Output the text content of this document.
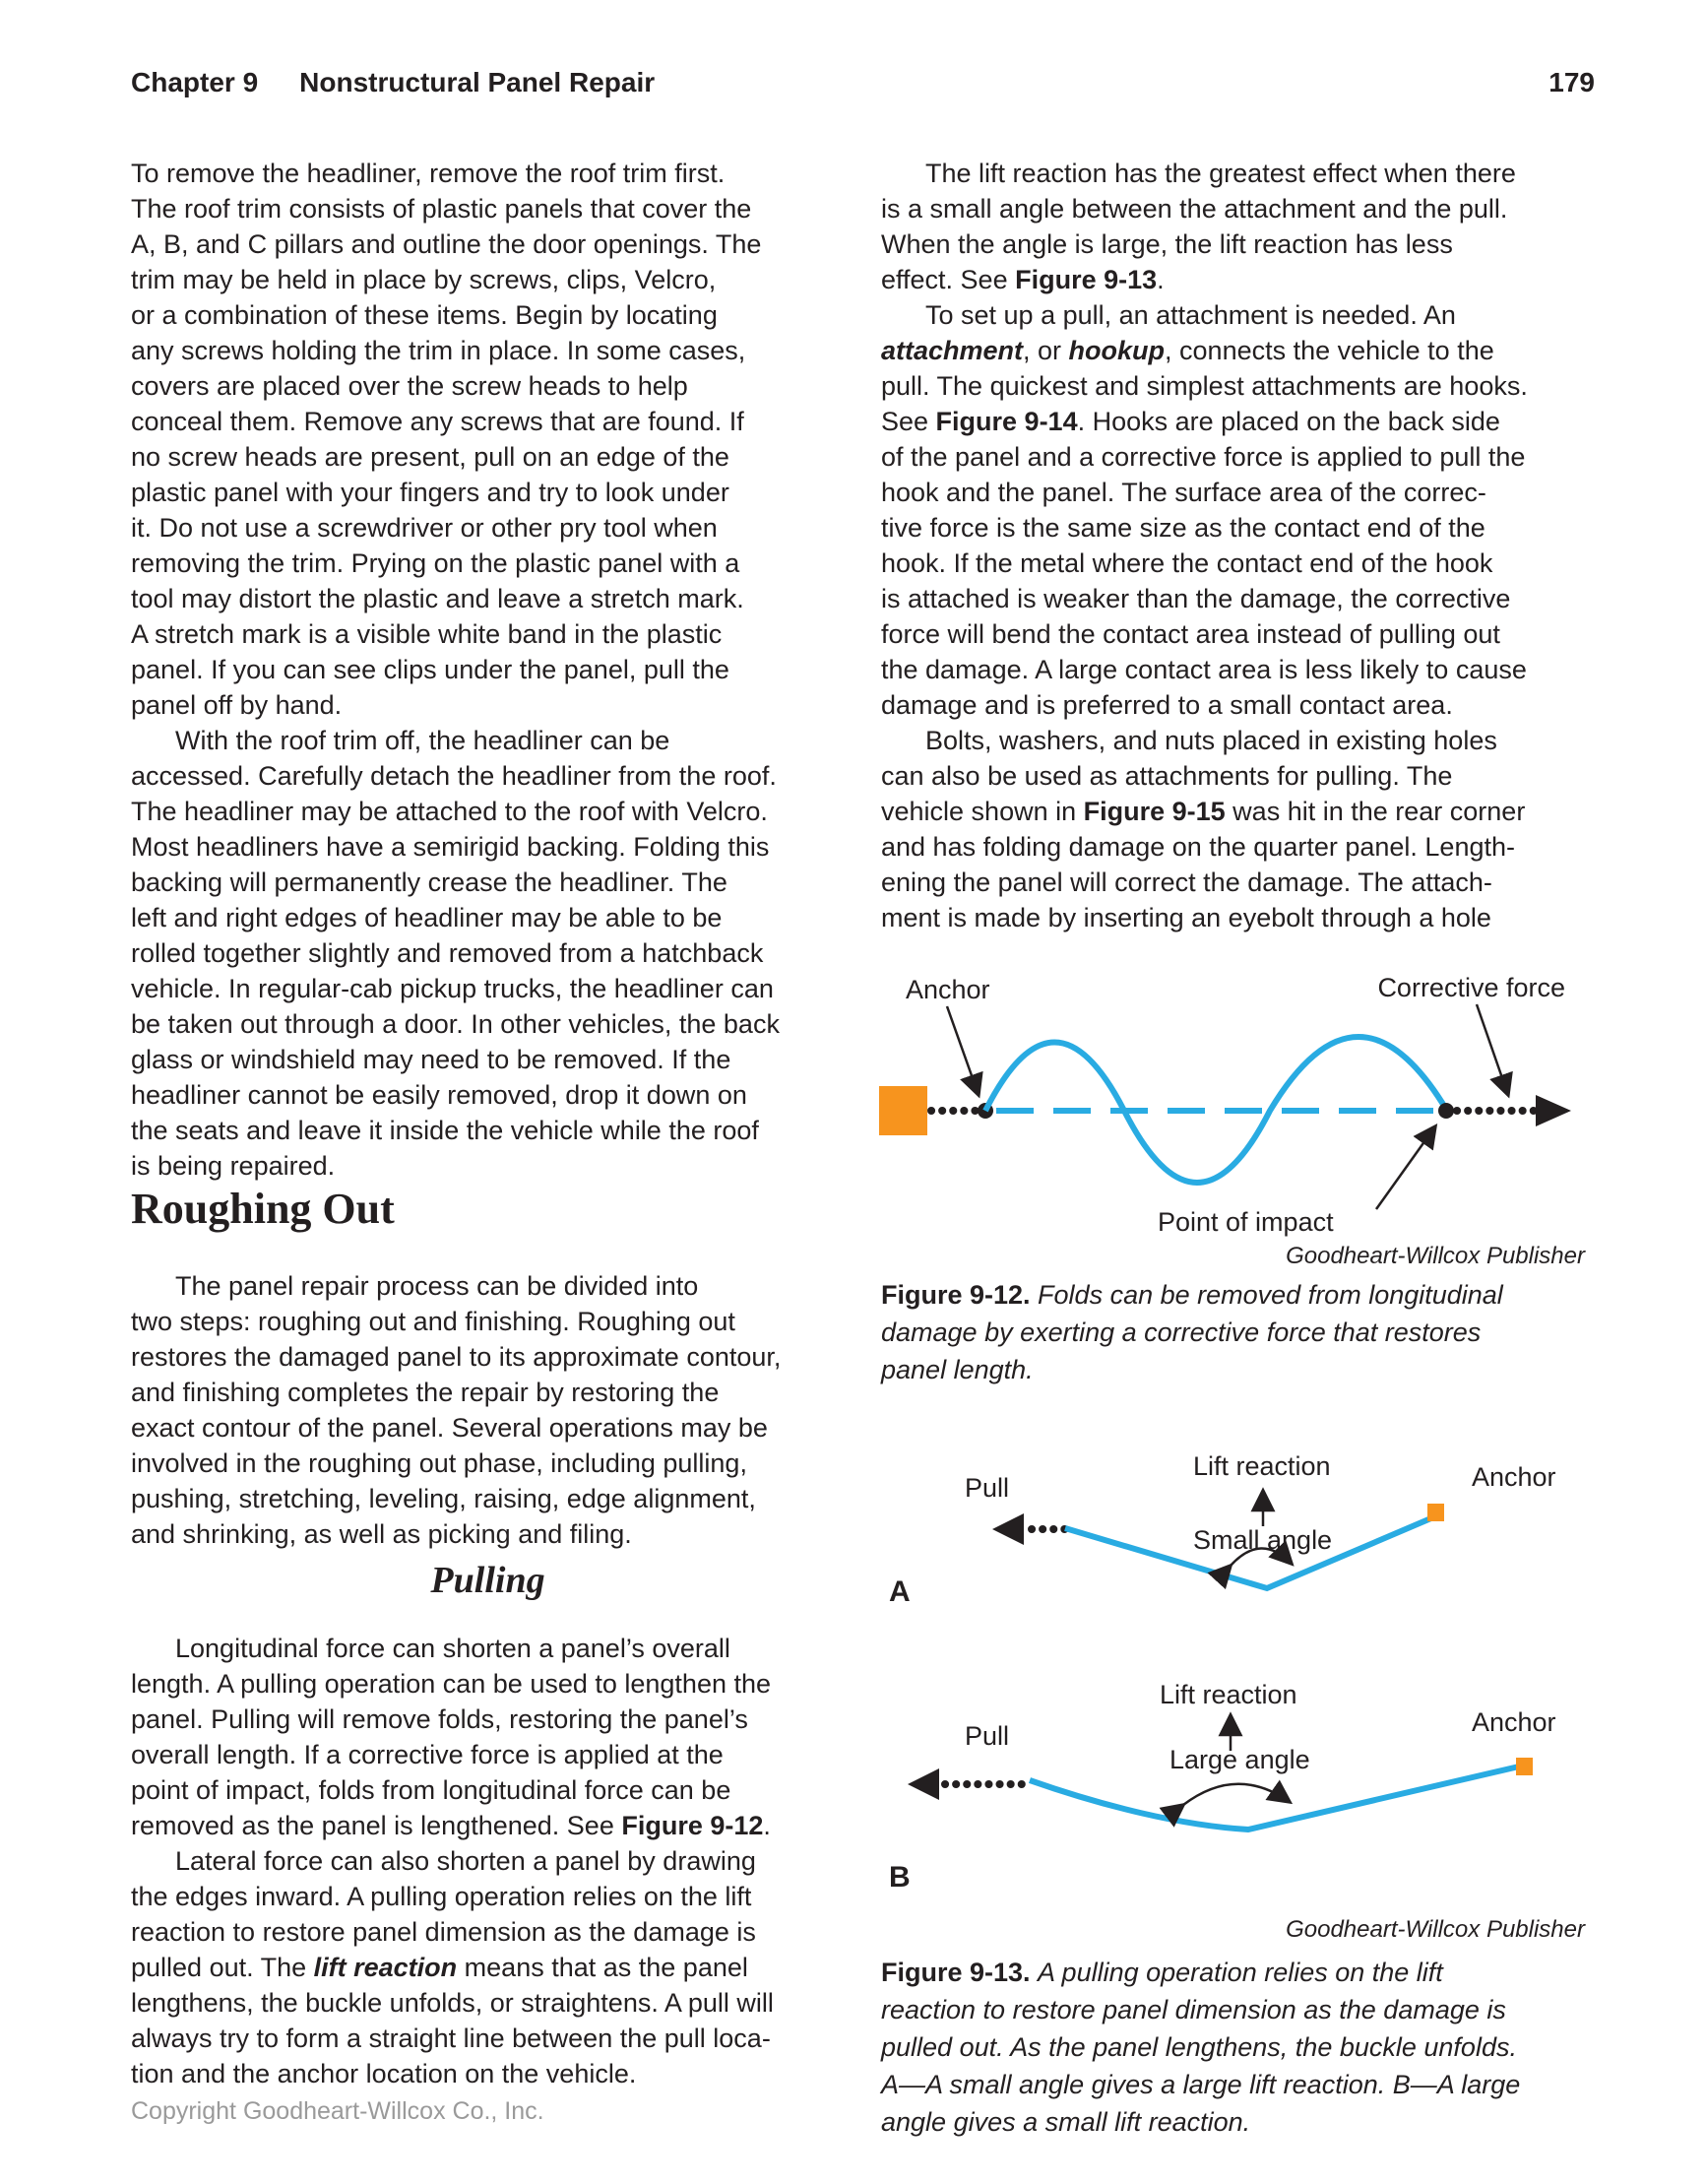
Chapter 9 Nonstructural Panel Repair	179
To remove the headliner, remove the roof trim first.
The roof trim consists of plastic panels that cover the
A, B, and C pillars and outline the door openings. The
trim may be held in place by screws, clips, Velcro,
or a combination of these items. Begin by locating
any screws holding the trim in place. In some cases,
covers are placed over the screw heads to help
conceal them. Remove any screws that are found. If
no screw heads are present, pull on an edge of the
plastic panel with your fingers and try to look under
it. Do not use a screwdriver or other pry tool when
removing the trim. Prying on the plastic panel with a
tool may distort the plastic and leave a stretch mark.
A stretch mark is a visible white band in the plastic
panel. If you can see clips under the panel, pull the
panel off by hand.
With the roof trim off, the headliner can be
accessed. Carefully detach the headliner from the roof.
The headliner may be attached to the roof with Velcro.
Most headliners have a semirigid backing. Folding this
backing will permanently crease the headliner. The
left and right edges of headliner may be able to be
rolled together slightly and removed from a hatchback
vehicle. In regular-cab pickup trucks, the headliner can
be taken out through a door. In other vehicles, the back
glass or windshield may need to be removed. If the
headliner cannot be easily removed, drop it down on
the seats and leave it inside the vehicle while the roof
is being repaired.
Roughing Out
The panel repair process can be divided into
two steps: roughing out and finishing. Roughing out
restores the damaged panel to its approximate contour,
and finishing completes the repair by restoring the
exact contour of the panel. Several operations may be
involved in the roughing out phase, including pulling,
pushing, stretching, leveling, raising, edge alignment,
and shrinking, as well as picking and filing.
Pulling
Longitudinal force can shorten a panel’s overall
length. A pulling operation can be used to lengthen the
panel. Pulling will remove folds, restoring the panel’s
overall length. If a corrective force is applied at the
point of impact, folds from longitudinal force can be
removed as the panel is lengthened. See Figure 9-12.
Lateral force can also shorten a panel by drawing
the edges inward. A pulling operation relies on the lift
reaction to restore panel dimension as the damage is
pulled out. The lift reaction means that as the panel
lengthens, the buckle unfolds, or straightens. A pull will
always try to form a straight line between the pull loca-
tion and the anchor location on the vehicle.
The lift reaction has the greatest effect when there
is a small angle between the attachment and the pull.
When the angle is large, the lift reaction has less
effect. See Figure 9-13.
To set up a pull, an attachment is needed. An
attachment, or hookup, connects the vehicle to the
pull. The quickest and simplest attachments are hooks.
See Figure 9-14. Hooks are placed on the back side
of the panel and a corrective force is applied to pull the
hook and the panel. The surface area of the correc-
tive force is the same size as the contact end of the
hook. If the metal where the contact end of the hook
is attached is weaker than the damage, the corrective
force will bend the contact area instead of pulling out
the damage. A large contact area is less likely to cause
damage and is preferred to a small contact area.
Bolts, washers, and nuts placed in existing holes
can also be used as attachments for pulling. The
vehicle shown in Figure 9-15 was hit in the rear corner
and has folding damage on the quarter panel. Length-
ening the panel will correct the damage. The attach-
ment is made by inserting an eyebolt through a hole
Anchor	Corrective force
Point of impact
Goodheart-Willcox Publisher
Figure 9-12. Folds can be removed from longitudinal
damage by exerting a corrective force that restores
panel length.
Pull
Lift reaction
Small angle
Anchor
A
Pull
Lift reaction
Large angle
Anchor
B
Goodheart-Willcox Publisher
Figure 9-13. A pulling operation relies on the lift
reaction to restore panel dimension as the damage is
pulled out. As the panel lengthens, the buckle unfolds.
A—A small angle gives a large lift reaction. B—A large
angle gives a small lift reaction.
Copyright Goodheart-Willcox Co., Inc.
